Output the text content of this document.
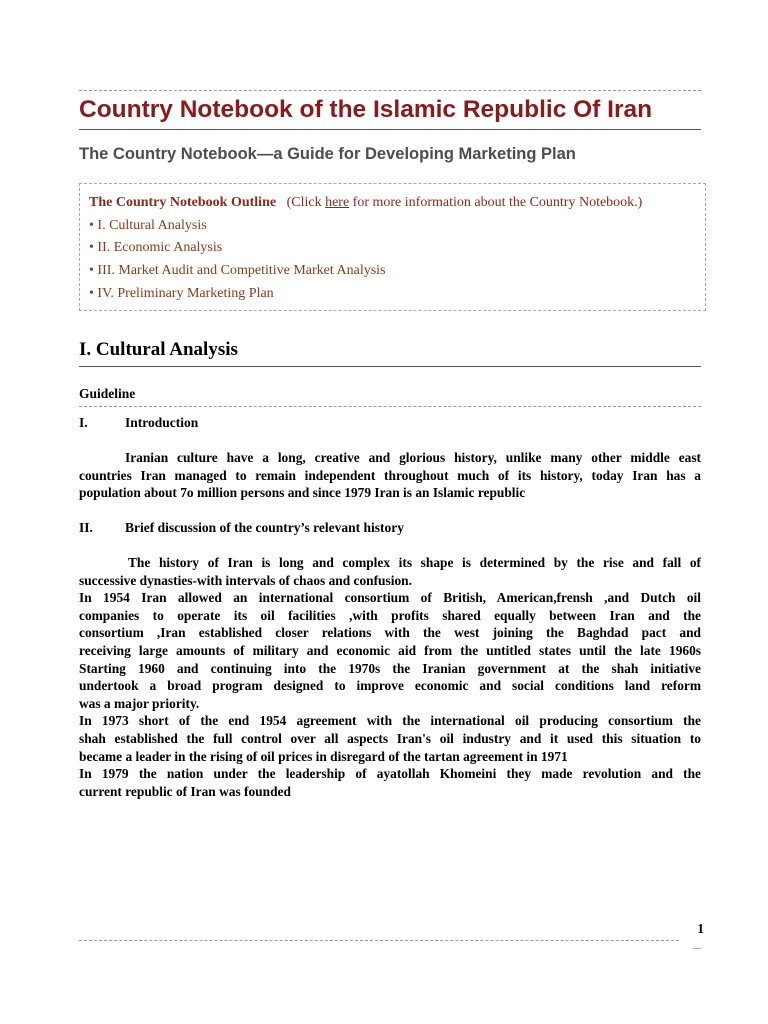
Country Notebook of the Islamic Republic Of Iran
The Country Notebook—a Guide for Developing Marketing Plan
The Country Notebook Outline (Click here for more information about the Country Notebook.)
• I. Cultural Analysis
• II. Economic Analysis
• III. Market Audit and Competitive Market Analysis
• IV. Preliminary Marketing Plan
I. Cultural Analysis
Guideline
I.	Introduction
Iranian culture have a long, creative and glorious history, unlike many other middle east
countries Iran managed to remain independent throughout much of its history, today Iran has a
population about 7o million persons and since 1979 Iran is an Islamic republic
II. Brief discussion of the country’s relevant history
The history of Iran is long and complex its shape is determined by the rise and fall of
successive dynasties-with intervals of chaos and confusion.
In 1954 Iran allowed an international consortium of British, American,frensh ,and Dutch oil
companies to operate its oil facilities ,with profits shared equally between Iran and the
consortium ,Iran established closer relations with the west joining the Baghdad pact and
receiving large amounts of military and economic aid from the untitled states until the late 1960s
Starting 1960 and continuing into the 1970s the Iranian government at the shah initiative
undertook a broad program designed to improve economic and social conditions land reform
was a major priority.
In 1973 short of the end 1954 agreement with the international oil producing consortium the
shah established the full control over all aspects Iran's oil industry and it used this situation to
became a leader in the rising of oil prices in disregard of the tartan agreement in 1971
In 1979 the nation under the leadership of ayatollah Khomeini they made revolution and the
current republic of Iran was founded
1
